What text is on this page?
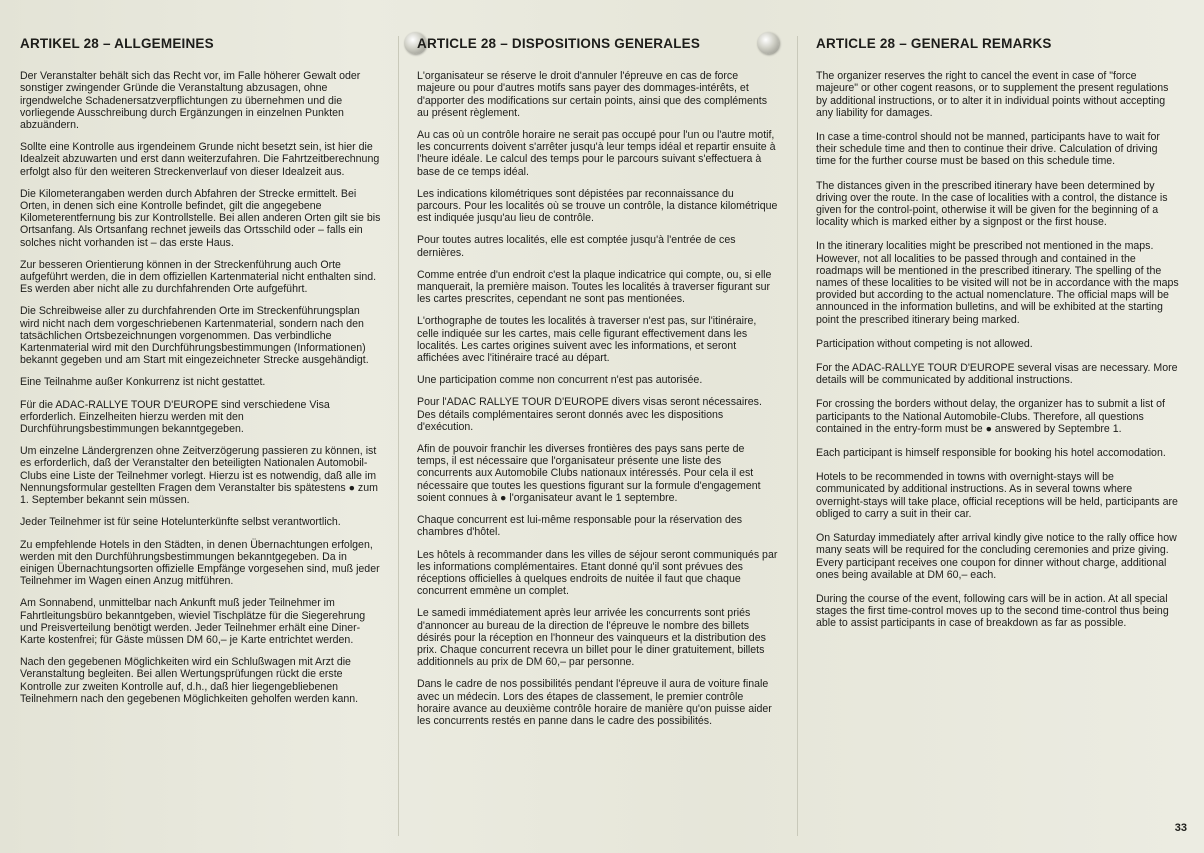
ARTIKEL 28 – ALLGEMEINES

Der Veranstalter behält sich das Recht vor, im Falle höherer Gewalt oder sonstiger zwingender Gründe die Veranstaltung abzusagen, ohne irgendwelche Schadenersatzverpflichtungen zu übernehmen und die vorliegende Ausschreibung durch Ergänzungen in einzelnen Punkten abzuändern.

Sollte eine Kontrolle aus irgendeinem Grunde nicht besetzt sein, ist hier die Idealzeit abzuwarten und erst dann weiterzufahren. Die Fahrtzeitberechnung erfolgt also für den weiteren Streckenverlauf von dieser Idealzeit aus.

Die Kilometerangaben werden durch Abfahren der Strecke ermittelt. Bei Orten, in denen sich eine Kontrolle befindet, gilt die angegebene Kilometerentfernung bis zur Kontrollstelle. Bei allen anderen Orten gilt sie bis Ortsanfang. Als Ortsanfang rechnet jeweils das Ortsschild oder – falls ein solches nicht vorhanden ist – das erste Haus.

Zur besseren Orientierung können in der Streckenführung auch Orte aufgeführt werden, die in dem offiziellen Kartenmaterial nicht enthalten sind. Es werden aber nicht alle zu durchfahrenden Orte aufgeführt.

Die Schreibweise aller zu durchfahrenden Orte im Streckenführungsplan wird nicht nach dem vorgeschriebenen Kartenmaterial, sondern nach den tatsächlichen Ortsbezeichnungen vorgenommen. Das verbindliche Kartenmaterial wird mit den Durchführungsbestimmungen (Informationen) bekannt gegeben und am Start mit eingezeichneter Strecke ausgehändigt.

Eine Teilnahme außer Konkurrenz ist nicht gestattet.

Für die ADAC-RALLYE TOUR D'EUROPE sind verschiedene Visa erforderlich. Einzelheiten hierzu werden mit den Durchführungsbestimmungen bekanntgegeben.

Um einzelne Ländergrenzen ohne Zeitverzögerung passieren zu können, ist es erforderlich, daß der Veranstalter den beteiligten Nationalen Automobil-Clubs eine Liste der Teilnehmer vorlegt. Hierzu ist es notwendig, daß alle im Nennungsformular gestellten Fragen dem Veranstalter bis spätestens ● zum 1. September bekannt sein müssen.

Jeder Teilnehmer ist für seine Hotelunterkünfte selbst verantwortlich.

Zu empfehlende Hotels in den Städten, in denen Übernachtungen erfolgen, werden mit den Durchführungsbestimmungen bekanntgegeben. Da in einigen Übernachtungsorten offizielle Empfänge vorgesehen sind, muß jeder Teilnehmer im Wagen einen Anzug mitführen.

Am Sonnabend, unmittelbar nach Ankunft muß jeder Teilnehmer im Fahrtleitungsbüro bekanntgeben, wieviel Tischplätze für die Siegerehrung und Preisverteilung benötigt werden. Jeder Teilnehmer erhält eine Diner-Karte kostenfrei; für Gäste müssen DM 60,– je Karte entrichtet werden.

Nach den gegebenen Möglichkeiten wird ein Schlußwagen mit Arzt die Veranstaltung begleiten. Bei allen Wertungsprüfungen rückt die erste Kontrolle zur zweiten Kontrolle auf, d.h., daß hier liegengebliebenen Teilnehmern nach den gegebenen Möglichkeiten geholfen werden kann.

ARTICLE 28 – DISPOSITIONS GENERALES

L'organisateur se réserve le droit d'annuler l'épreuve en cas de force majeure ou pour d'autres motifs sans payer des dommages-intérêts, et d'apporter des modifications sur certain points, ainsi que des compléments au présent règlement.

Au cas où un contrôle horaire ne serait pas occupé pour l'un ou l'autre motif, les concurrents doivent s'arrêter jusqu'à leur temps idéal et repartir ensuite à l'heure idéale. Le calcul des temps pour le parcours suivant s'effectuera à base de ce temps idéal.

Les indications kilométriques sont dépistées par reconnaissance du parcours. Pour les localités où se trouve un contrôle, la distance kilométrique est indiquée jusqu'au lieu de contrôle.

Pour toutes autres localités, elle est comptée jusqu'à l'entrée de ces dernières.

Comme entrée d'un endroit c'est la plaque indicatrice qui compte, ou, si elle manquerait, la première maison. Toutes les localités à traverser figurant sur les cartes prescrites, cependant ne sont pas mentionées.

L'orthographe de toutes les localités à traverser n'est pas, sur l'itinéraire, celle indiquée sur les cartes, mais celle figurant effectivement dans les localités. Les cartes origines suivent avec les informations, et seront affichées avec l'itinéraire tracé au départ.

Une participation comme non concurrent n'est pas autorisée.

Pour l'ADAC RALLYE TOUR D'EUROPE divers visas seront nécessaires. Des détails complémentaires seront donnés avec les dispositions d'exécution.

Afin de pouvoir franchir les diverses frontières des pays sans perte de temps, il est nécessaire que l'organisateur présente une liste des concurrents aux Automobile Clubs nationaux intéressés. Pour cela il est nécessaire que toutes les questions figurant sur la formule d'engagement soient connues à ● l'organisateur avant le 1 septembre.

Chaque concurrent est lui-même responsable pour la réservation des chambres d'hôtel.

Les hôtels à recommander dans les villes de séjour seront communiqués par les informations complémentaires. Etant donné qu'il sont prévues des réceptions officielles à quelques endroits de nuitée il faut que chaque concurrent emmène un complet.

Le samedi immédiatement après leur arrivée les concurrents sont priés d'annoncer au bureau de la direction de l'épreuve le nombre des billets désirés pour la réception en l'honneur des vainqueurs et la distribution des prix. Chaque concurrent recevra un billet pour le diner gratuitement, billets additionnels au prix de DM 60,– par personne.

Dans le cadre de nos possibilités pendant l'épreuve il aura de voiture finale avec un médecin. Lors des étapes de classement, le premier contrôle horaire avance au deuxième contrôle horaire de manière qu'on puisse aider les concurrents restés en panne dans le cadre des possibilités.

ARTICLE 28 – GENERAL REMARKS

The organizer reserves the right to cancel the event in case of "force majeure" or other cogent reasons, or to supplement the present regulations by additional instructions, or to alter it in individual points without accepting any liability for damages.

In case a time-control should not be manned, participants have to wait for their schedule time and then to continue their drive. Calculation of driving time for the further course must be based on this schedule time.

The distances given in the prescribed itinerary have been determined by driving over the route. In the case of localities with a control, the distance is given for the control-point, otherwise it will be given for the beginning of a locality which is marked either by a signpost or the first house.

In the itinerary localities might be prescribed not mentioned in the maps. However, not all localities to be passed through and contained in the roadmaps will be mentioned in the prescribed itinerary. The spelling of the names of these localities to be visited will not be in accordance with the maps provided but according to the actual nomenclature. The official maps will be announced in the information bulletins, and will be exhibited at the starting point the prescribed itinerary being marked.

Participation without competing is not allowed.

For the ADAC-RALLYE TOUR D'EUROPE several visas are necessary. More details will be communicated by additional instructions.

For crossing the borders without delay, the organizer has to submit a list of participants to the National Automobile-Clubs. Therefore, all questions contained in the entry-form must be ● answered by Septembre 1.

Each participant is himself responsible for booking his hotel accomodation.

Hotels to be recommended in towns with overnight-stays will be communicated by additional instructions. As in several towns where overnight-stays will take place, official receptions will be held, participants are obliged to carry a suit in their car.

On Saturday immediately after arrival kindly give notice to the rally office how many seats will be required for the concluding ceremonies and prize giving. Every participant receives one coupon for dinner without charge, additional ones being available at DM 60,– each.

During the course of the event, following cars will be in action. At all special stages the first time-control moves up to the second time-control thus being able to assist participants in case of breakdown as far as possible.

33
